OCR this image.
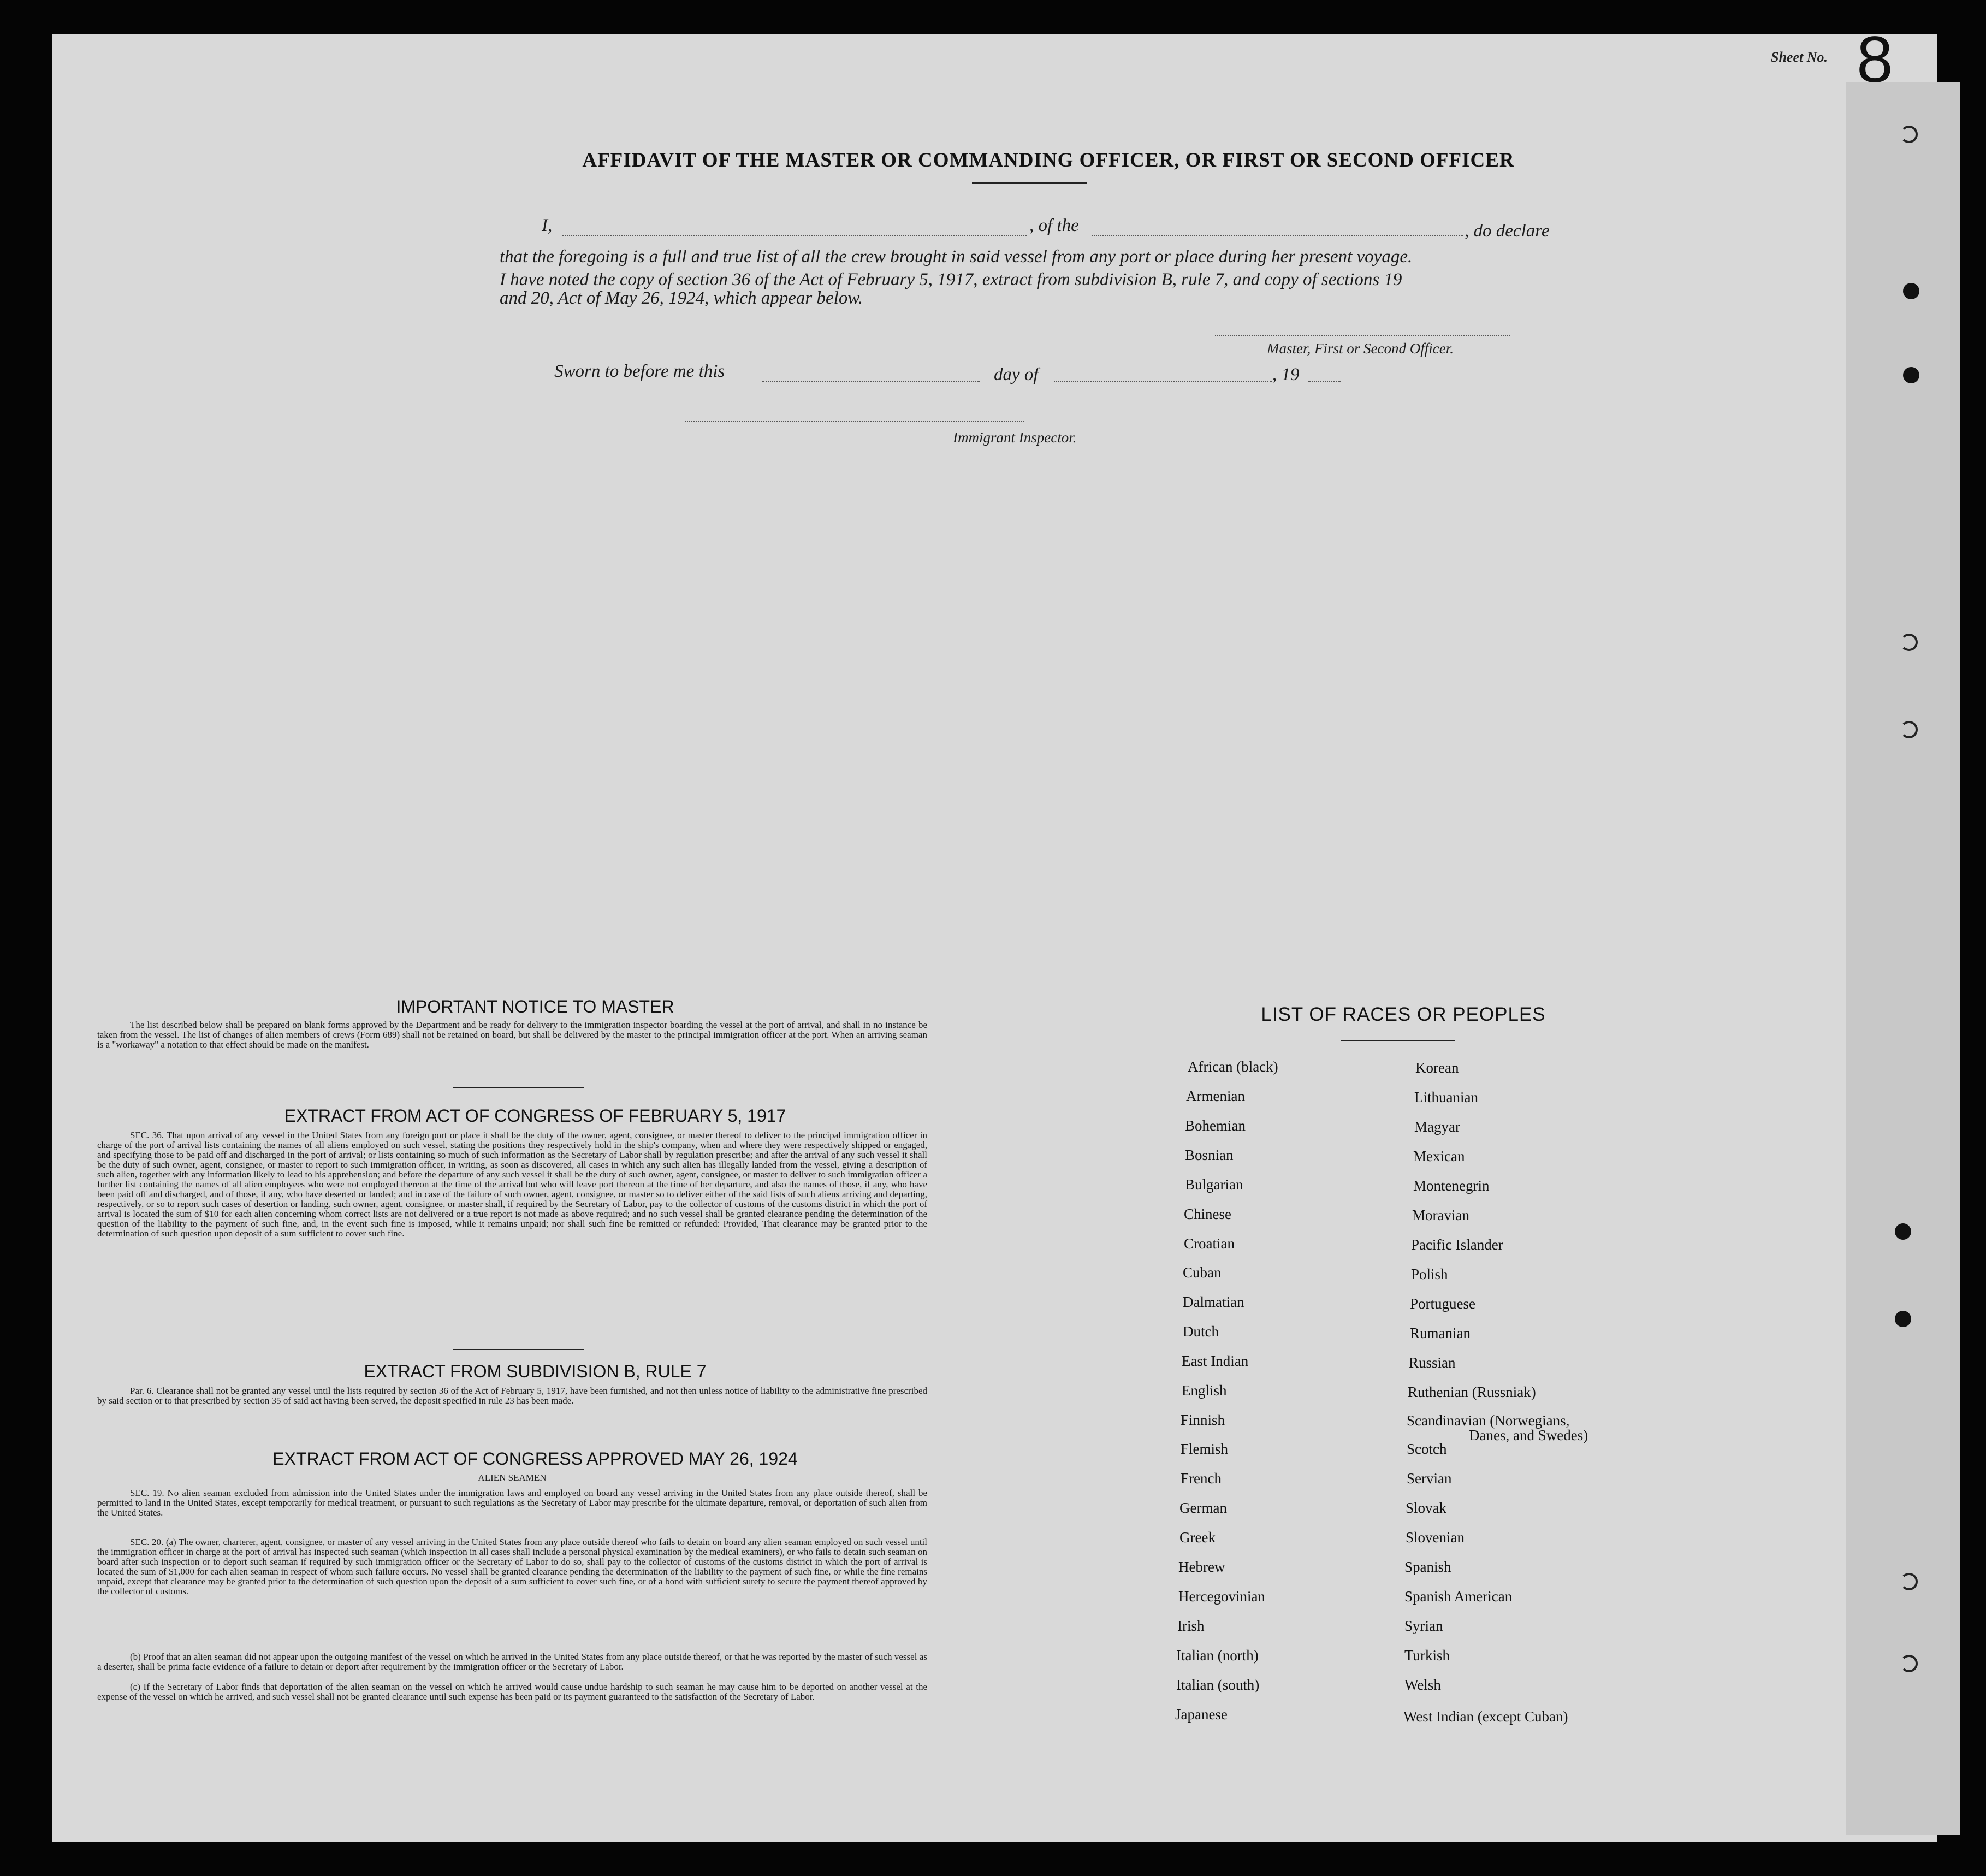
Sheet No. 8
AFFIDAVIT OF THE MASTER OR COMMANDING OFFICER, OR FIRST OR SECOND OFFICER
I,	, of the	, do declare
that the foregoing is a full and true list of all the crew brought in said vessel from any port or place during her present voyage.
I have noted the copy of section 36 of the Act of February 5, 1917, extract from subdivision B, rule 7, and copy of sections 19
and 20, Act of May 26, 1924, which appear below.
Master, First or Second Officer.
Sworn to before me this	day of	, 19
Immigrant Inspector.
IMPORTANT NOTICE TO MASTER
The list described below shall be prepared on blank forms approved by the Department and be ready for delivery to the immigration inspector boarding the vessel at the port of arrival, and shall in no instance be taken from the vessel. The list of changes of alien members of crews (Form 689) shall not be retained on board, but shall be delivered by the master to the principal immigration officer at the port. When an arriving seaman is a "workaway" a notation to that effect should be made on the manifest.
EXTRACT FROM ACT OF CONGRESS OF FEBRUARY 5, 1917
SEC. 36. That upon arrival of any vessel in the United States from any foreign port or place it shall be the duty of the owner, agent, consignee, or master thereof to deliver to the principal immigration officer in charge of the port of arrival lists containing the names of all aliens employed on such vessel, stating the positions they respectively hold in the ship's company, when and where they were respectively shipped or engaged, and specifying those to be paid off and discharged in the port of arrival; or lists containing so much of such information as the Secretary of Labor shall by regulation prescribe; and after the arrival of any such vessel it shall be the duty of such owner, agent, consignee, or master to report to such immigration officer, in writing, as soon as discovered, all cases in which any such alien has illegally landed from the vessel, giving a description of such alien, together with any information likely to lead to his apprehension; and before the departure of any such vessel it shall be the duty of such owner, agent, consignee, or master to deliver to such immigration officer a further list containing the names of all alien employees who were not employed thereon at the time of the arrival but who will leave port thereon at the time of her departure, and also the names of those, if any, who have been paid off and discharged, and of those, if any, who have deserted or landed; and in case of the failure of such owner, agent, consignee, or master so to deliver either of the said lists of such aliens arriving and departing, respectively, or so to report such cases of desertion or landing, such owner, agent, consignee, or master shall, if required by the Secretary of Labor, pay to the collector of customs of the customs district in which the port of arrival is located the sum of $10 for each alien concerning whom correct lists are not delivered or a true report is not made as above required; and no such vessel shall be granted clearance pending the determination of the question of the liability to the payment of such fine, and, in the event such fine is imposed, while it remains unpaid; nor shall such fine be remitted or refunded: Provided, That clearance may be granted prior to the determination of such question upon deposit of a sum sufficient to cover such fine.
EXTRACT FROM SUBDIVISION B, RULE 7
Par. 6. Clearance shall not be granted any vessel until the lists required by section 36 of the Act of February 5, 1917, have been furnished, and not then unless notice of liability to the administrative fine prescribed by said section or to that prescribed by section 35 of said act having been served, the deposit specified in rule 23 has been made.
EXTRACT FROM ACT OF CONGRESS APPROVED MAY 26, 1924
ALIEN SEAMEN
SEC. 19. No alien seaman excluded from admission into the United States under the immigration laws and employed on board any vessel arriving in the United States from any place outside thereof, shall be permitted to land in the United States, except temporarily for medical treatment, or pursuant to such regulations as the Secretary of Labor may prescribe for the ultimate departure, removal, or deportation of such alien from the United States.
SEC. 20. (a) The owner, charterer, agent, consignee, or master of any vessel arriving in the United States from any place outside thereof who fails to detain on board any alien seaman employed on such vessel until the immigration officer in charge at the port of arrival has inspected such seaman (which inspection in all cases shall include a personal physical examination by the medical examiners), or who fails to detain such seaman on board after such inspection or to deport such seaman if required by such immigration officer or the Secretary of Labor to do so, shall pay to the collector of customs of the customs district in which the port of arrival is located the sum of $1,000 for each alien seaman in respect of whom such failure occurs. No vessel shall be granted clearance pending the determination of the liability to the payment of such fine, or while the fine remains unpaid, except that clearance may be granted prior to the determination of such question upon the deposit of a sum sufficient to cover such fine, or of a bond with sufficient surety to secure the payment thereof approved by the collector of customs.
(b) Proof that an alien seaman did not appear upon the outgoing manifest of the vessel on which he arrived in the United States from any place outside thereof, or that he was reported by the master of such vessel as a deserter, shall be prima facie evidence of a failure to detain or deport after requirement by the immigration officer or the Secretary of Labor.
(c) If the Secretary of Labor finds that deportation of the alien seaman on the vessel on which he arrived would cause undue hardship to such seaman he may cause him to be deported on another vessel at the expense of the vessel on which he arrived, and such vessel shall not be granted clearance until such expense has been paid or its payment guaranteed to the satisfaction of the Secretary of Labor.
LIST OF RACES OR PEOPLES
African (black)
Armenian
Bohemian
Bosnian
Bulgarian
Chinese
Croatian
Cuban
Dalmatian
Dutch
East Indian
English
Finnish
Flemish
French
German
Greek
Hebrew
Hercegovinian
Irish
Italian (north)
Italian (south)
Japanese
Korean
Lithuanian
Magyar
Mexican
Montenegrin
Moravian
Pacific Islander
Polish
Portuguese
Rumanian
Russian
Ruthenian (Russniak)
Scandinavian (Norwegians,
Danes, and Swedes)
Scotch
Servian
Slovak
Slovenian
Spanish
Spanish American
Syrian
Turkish
Welsh
West Indian (except Cuban)
